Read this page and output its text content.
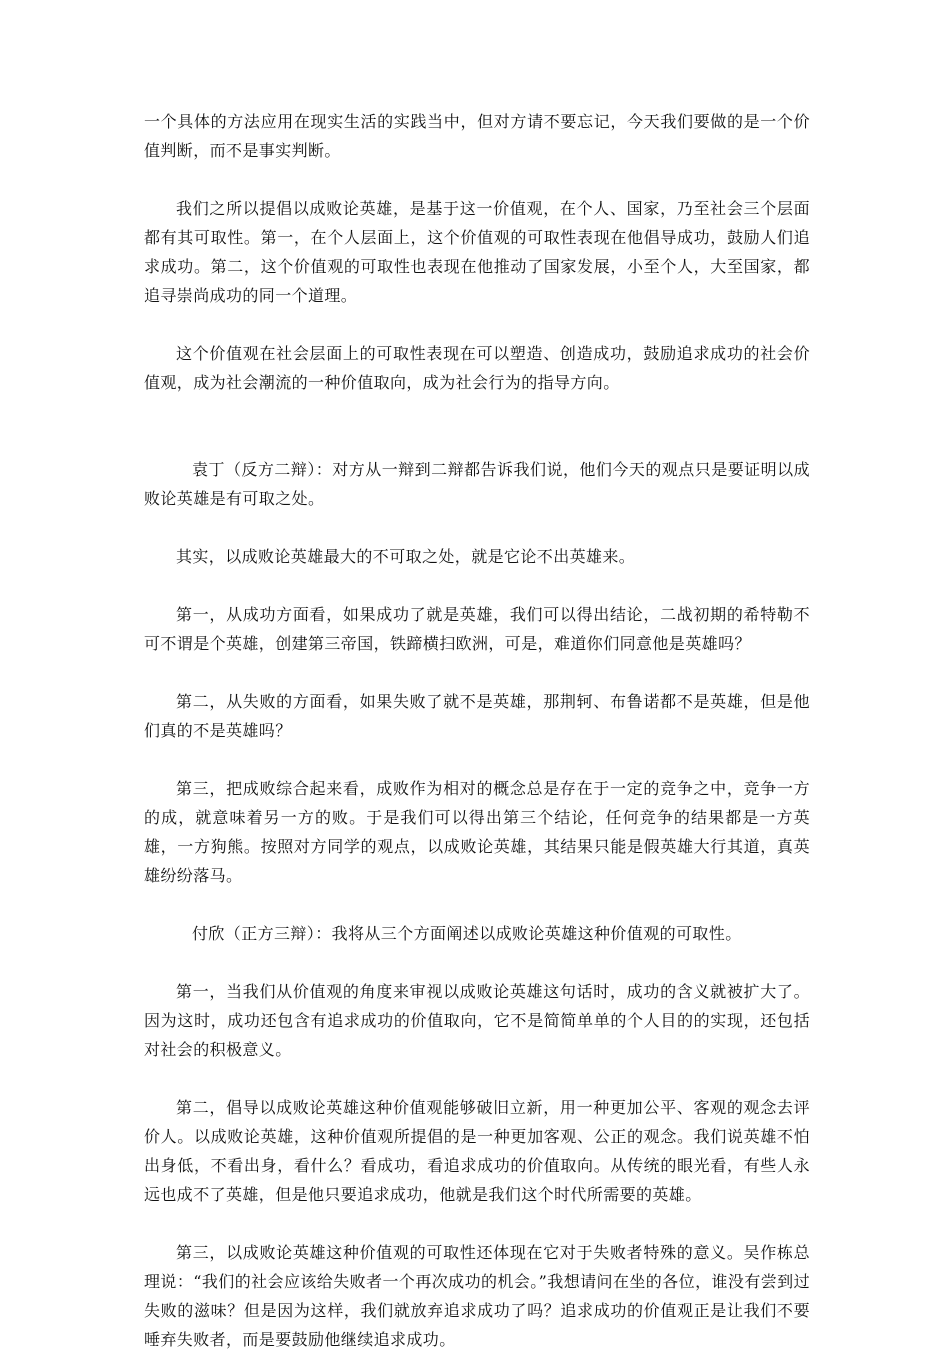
一个具体的方法应用在现实生活的实践当中，但对方请不要忘记，今天我们要做的是一个价值判断，而不是事实判断。

我们之所以提倡以成败论英雄，是基于这一价值观，在个人、国家，乃至社会三个层面都有其可取性。第一，在个人层面上，这个价值观的可取性表现在他倡导成功，鼓励人们追求成功。第二，这个价值观的可取性也表现在他推动了国家发展，小至个人，大至国家，都追寻崇尚成功的同一个道理。

这个价值观在社会层面上的可取性表现在可以塑造、创造成功，鼓励追求成功的社会价值观，成为社会潮流的一种价值取向，成为社会行为的指导方向。

袁丁（反方二辩）：对方从一辩到二辩都告诉我们说，他们今天的观点只是要证明以成败论英雄是有可取之处。

其实，以成败论英雄最大的不可取之处，就是它论不出英雄来。

第一，从成功方面看，如果成功了就是英雄，我们可以得出结论，二战初期的希特勒不可不谓是个英雄，创建第三帝国，铁蹄横扫欧洲，可是，难道你们同意他是英雄吗？

第二，从失败的方面看，如果失败了就不是英雄，那荆轲、布鲁诺都不是英雄，但是他们真的不是英雄吗？

第三，把成败综合起来看，成败作为相对的概念总是存在于一定的竞争之中，竞争一方的成，就意味着另一方的败。于是我们可以得出第三个结论，任何竞争的结果都是一方英雄，一方狗熊。按照对方同学的观点，以成败论英雄，其结果只能是假英雄大行其道，真英雄纷纷落马。

付欣（正方三辩）：我将从三个方面阐述以成败论英雄这种价值观的可取性。

第一，当我们从价值观的角度来审视以成败论英雄这句话时，成功的含义就被扩大了。因为这时，成功还包含有追求成功的价值取向，它不是简简单单的个人目的的实现，还包括对社会的积极意义。

第二，倡导以成败论英雄这种价值观能够破旧立新，用一种更加公平、客观的观念去评价人。以成败论英雄，这种价值观所提倡的是一种更加客观、公正的观念。我们说英雄不怕出身低，不看出身，看什么？看成功，看追求成功的价值取向。从传统的眼光看，有些人永远也成不了英雄，但是他只要追求成功，他就是我们这个时代所需要的英雄。

第三，以成败论英雄这种价值观的可取性还体现在它对于失败者特殊的意义。吴作栋总理说：“我们的社会应该给失败者一个再次成功的机会。”我想请问在坐的各位，谁没有尝到过失败的滋味？但是因为这样，我们就放弃追求成功了吗？追求成功的价值观正是让我们不要唾弃失败者，而是要鼓励他继续追求成功。
